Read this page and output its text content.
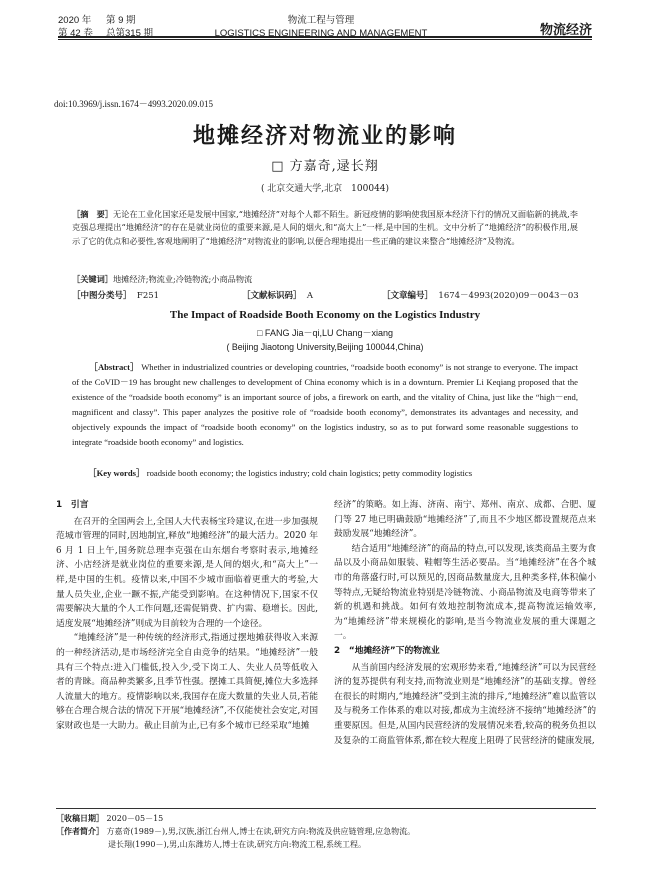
2020 年 第 9 期
第 42 卷 总第315 期
物流工程与管理
LOGISTICS ENGINEERING AND MANAGEMENT	物流经济
doi:10.3969/j.issn.1674－4993.2020.09.015
地摊经济对物流业的影响
□ 方嘉奇,逯长翔
( 北京交通大学,北京　100044)
［摘　要］无论在工业化国家还是发展中国家,“地摊经济”对每个人都不陌生。新冠疫情的影响使我国原本经济下行的情况又面临新的挑战,李克强总理提出“地摊经济”的存在是就业岗位的重要来源,是人间的烟火,和“高大上”一样,是中国的生机。文中分析了“地摊经济”的积极作用,展示了它的优点和必要性,客观地阐明了“地摊经济”对物流业的影响,以便合理地提出一些正确的建议来整合“地摊经济”及物流。
［关键词］地摊经济;物流业;冷链物流;小商品物流
［中图分类号］ F251	［文献标识码］ A	［文章编号］ 1674－4993(2020)09－0043－03
The Impact of Roadside Booth Economy on the Logistics Industry
□ FANG Jia－qi,LU Chang－xiang
( Beijing Jiaotong University,Beijing 100044,China)
［Abstract］ Whether in industrialized countries or developing countries, “roadside booth economy” is not strange to everyone. The impact of the CoVID－19 has brought new challenges to development of China economy which is in a downturn. Premier Li Keqiang proposed that the existence of the “roadside booth economy” is an important source of jobs, a firework on earth, and the vitality of China, just like the “high－end, magnificent and classy”. This paper analyzes the positive role of “roadside booth economy”, demonstrates its advantages and necessity, and objectively expounds the impact of “roadside booth economy” on the logistics industry, so as to put forward some reasonable suggestions to integrate “roadside booth economy” and logistics.
［Key words］ roadside booth economy; the logistics industry; cold chain logistics; petty commodity logistics
1　引言

在召开的全国两会上,全国人大代表杨宝玲建议,在进一步加强规范城市管理的同时,因地制宜,释放“地摊经济”的最大活力。2020 年 6 月 1 日上午,国务院总理李克强在山东烟台考察时表示,地摊经济、小店经济是就业岗位的重要来源,是人间的烟火,和“高大上”一样,是中国的生机。疫情以来,中国不少城市面临着更重大的考验,大量人员失业,企业一蹶不振,产能受到影响。在这种情况下,国家不仅需要解决大量的个人工作问题,还需促销费、扩内需、稳增长。因此,适度发展“地摊经济”则成为目前较为合理的一个途径。

“地摊经济”是一种传统的经济形式,指通过摆地摊获得收入来源的一种经济活动,是市场经济完全自由竞争的结果。“地摊经济”一般具有三个特点:进入门槛低,投入少,受下岗工人、失业人员等低收入者的青睐。商品种类繁多,且季节性强。摆摊工具简便,摊位大多选择人流量大的地方。疫情影响以来,我国存在庞大数量的失业人员,若能够在合理合规合法的情况下开展“地摊经济”,不仅能使社会安定,对国家财政也是一大助力。截止目前为止,已有多个城市已经采取“地摊

经济”的策略。如上海、济南、南宁、郑州、南京、成都、合肥、厦门等 27 地已明确鼓励“地摊经济”了,而且不少地区都设置规范点来鼓励发展“地摊经济”。

结合适用“地摊经济”的商品的特点,可以发现,该类商品主要为食品以及小商品如服装、鞋帽等生活必要品。当“地摊经济”在各个城市的角落盛行时,可以预见的,因商品数量庞大,且种类多样,体积偏小等特点,无疑给物流业特别是冷链物流、小商品物流及电商等带来了新的机遇和挑战。如何有效地控制物流成本,提高物流运输效率,为“地摊经济”带来规模化的影响,是当今物流业发展的重大课题之一。

2　“地摊经济”下的物流业

从当前国内经济发展的宏观形势来看,“地摊经济”可以为民营经济的复苏提供有利支持,而物流业则是“地摊经济”的基础支撑。曾经在很长的时期内,“地摊经济”受到主流的排斥,“地摊经济”难以监管以及与税务工作体系的难以对接,都成为主流经济不接纳“地摊经济”的重要原因。但是,从国内民营经济的发展情况来看,较高的税务负担以及复杂的工商监管体系,都在较大程度上阻碍了民营经济的健康发展,

［收稿日期］ 2020－05－15
［作者简介］ 方嘉奇(1989－),男,汉族,浙江台州人,博士在读,研究方向:物流及供应链管理,应急物流。
逯长翔(1990－),男,山东潍坊人,博士在读,研究方向:物流工程,系统工程。
